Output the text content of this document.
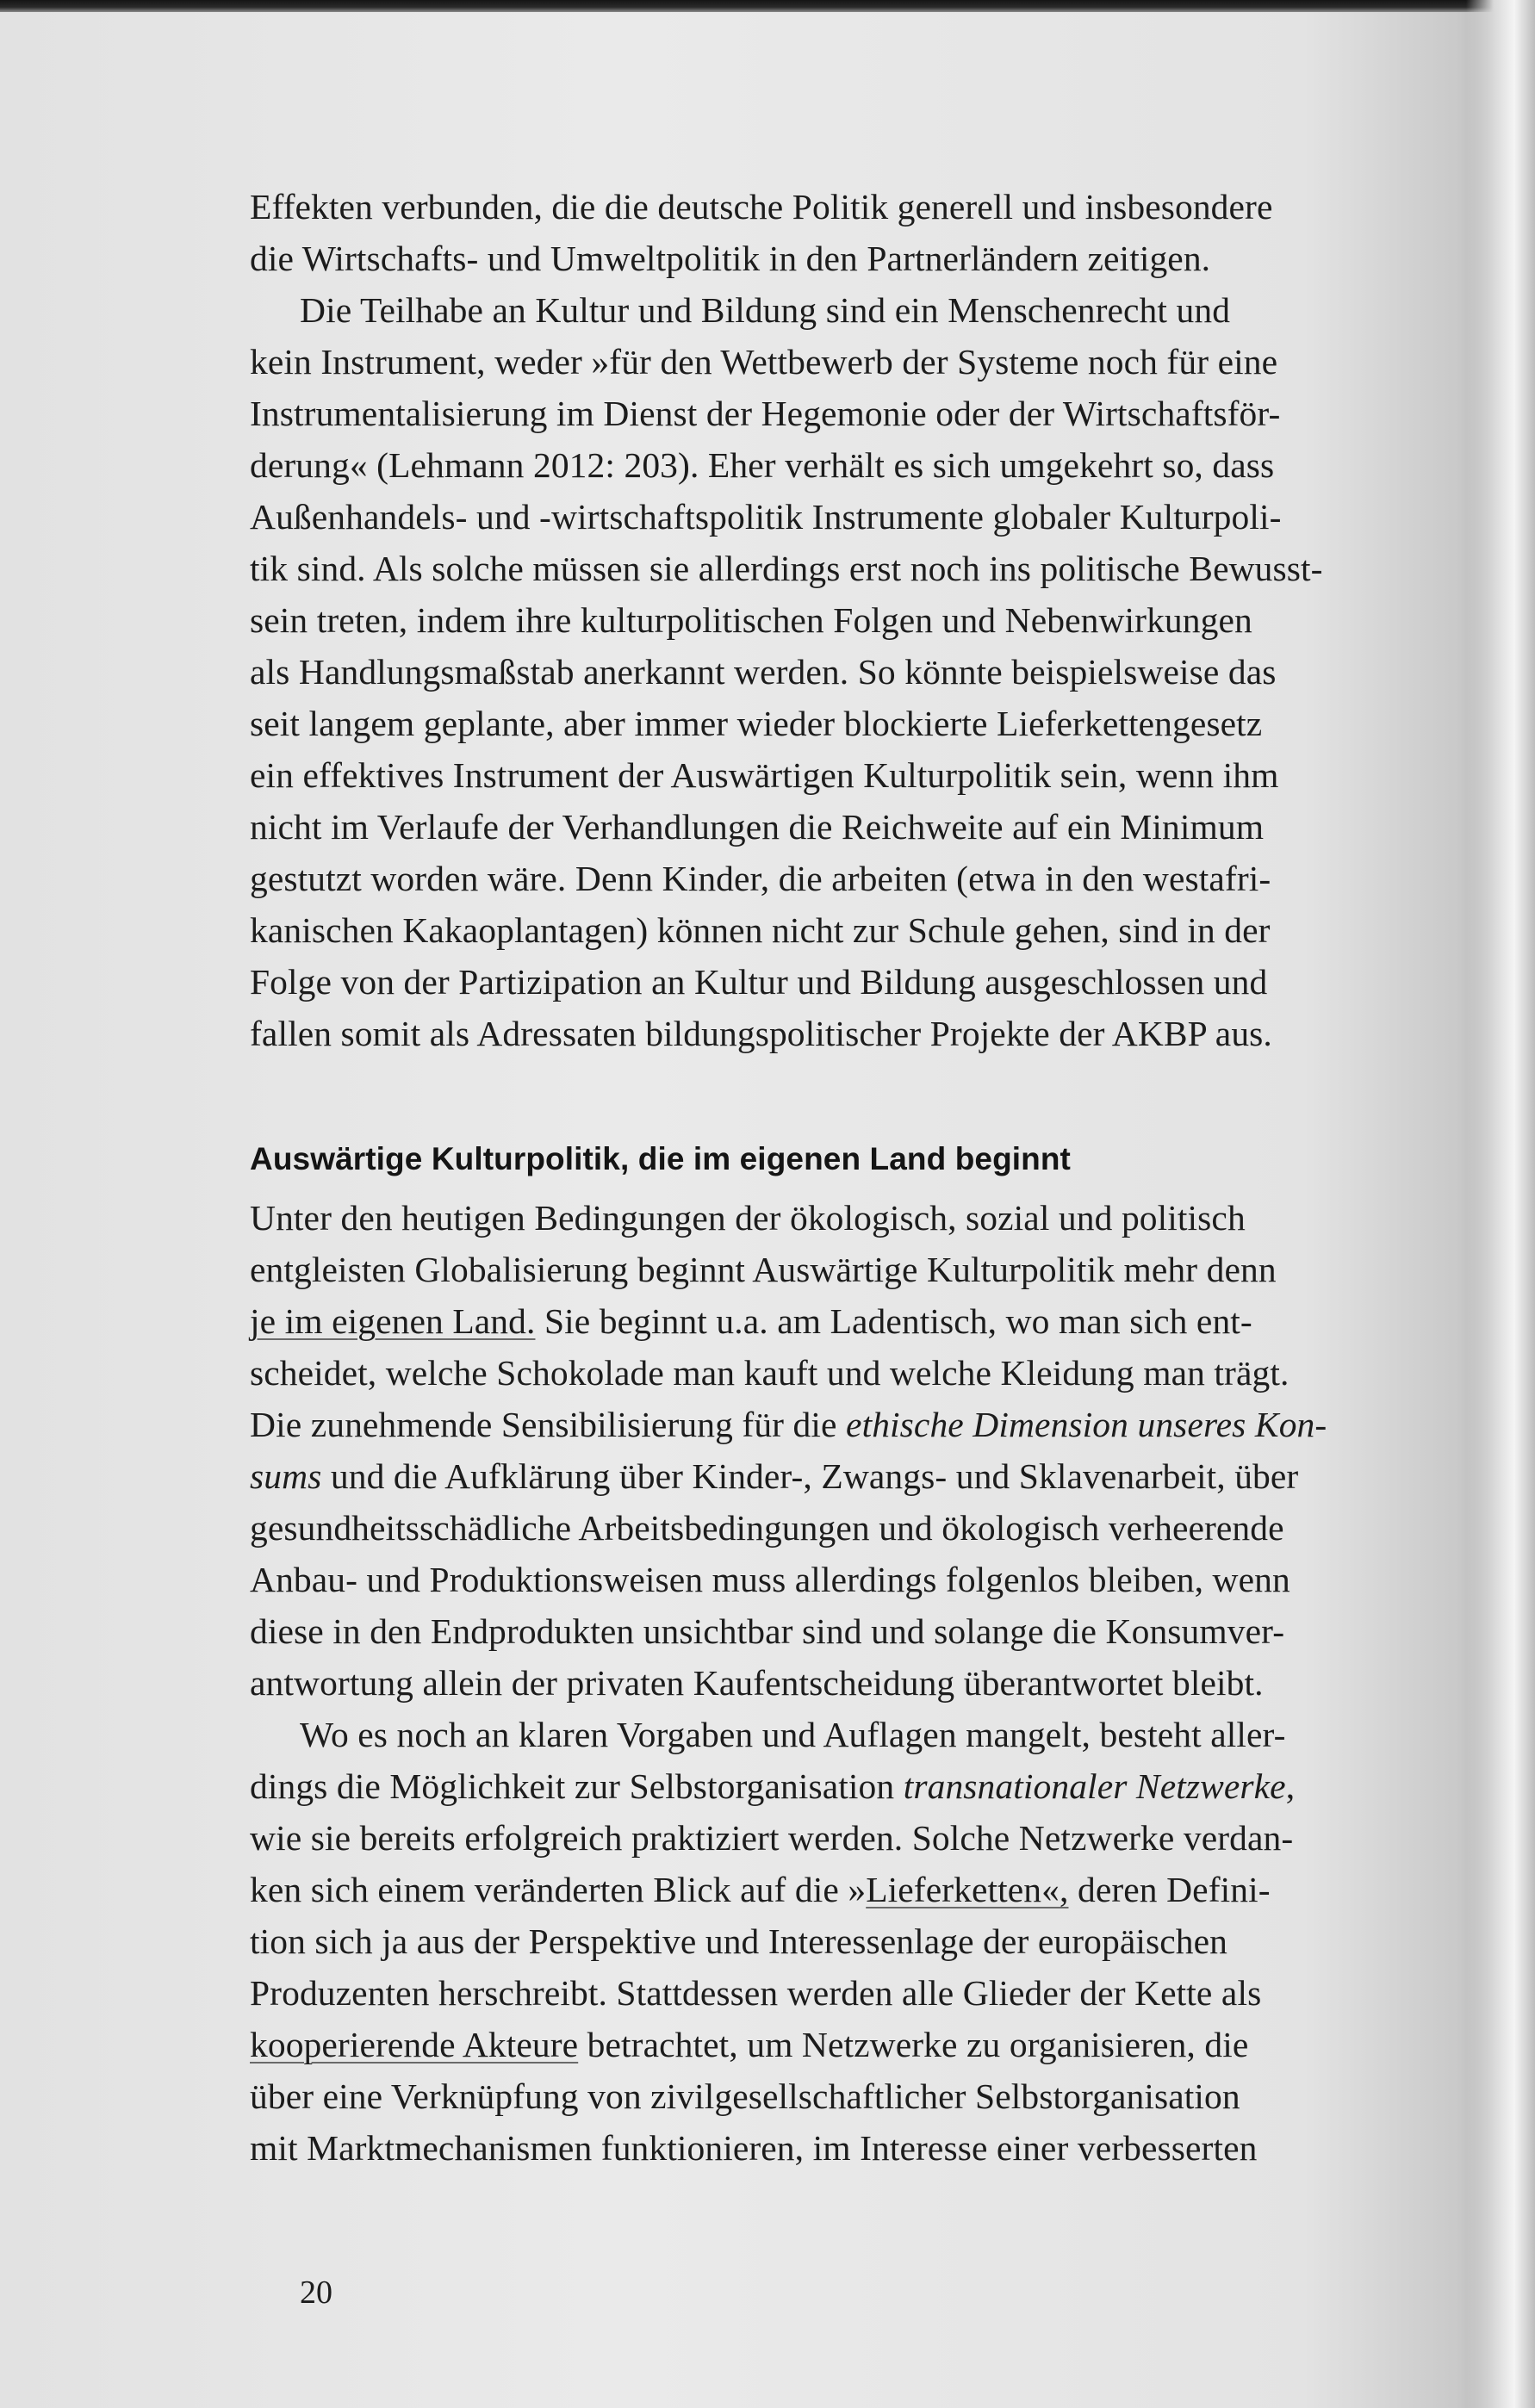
Effekten verbunden, die die deutsche Politik generell und insbesondere
die Wirtschafts- und Umweltpolitik in den Partnerländern zeitigen.
Die Teilhabe an Kultur und Bildung sind ein Menschenrecht und
kein Instrument, weder »für den Wettbewerb der Systeme noch für eine
Instrumentalisierung im Dienst der Hegemonie oder der Wirtschaftsför-
derung« (Lehmann 2012: 203). Eher verhält es sich umgekehrt so, dass
Außenhandels- und -wirtschaftspolitik Instrumente globaler Kulturpoli-
tik sind. Als solche müssen sie allerdings erst noch ins politische Bewusst-
sein treten, indem ihre kulturpolitischen Folgen und Nebenwirkungen
als Handlungsmaßstab anerkannt werden. So könnte beispielsweise das
seit langem geplante, aber immer wieder blockierte Lieferkettengesetz
ein effektives Instrument der Auswärtigen Kulturpolitik sein, wenn ihm
nicht im Verlaufe der Verhandlungen die Reichweite auf ein Minimum
gestutzt worden wäre. Denn Kinder, die arbeiten (etwa in den westafri-
kanischen Kakaoplantagen) können nicht zur Schule gehen, sind in der
Folge von der Partizipation an Kultur und Bildung ausgeschlossen und
fallen somit als Adressaten bildungspolitischer Projekte der AKBP aus.
Auswärtige Kulturpolitik, die im eigenen Land beginnt
Unter den heutigen Bedingungen der ökologisch, sozial und politisch
entgleisten Globalisierung beginnt Auswärtige Kulturpolitik mehr denn
je im eigenen Land. Sie beginnt u.a. am Ladentisch, wo man sich ent-
scheidet, welche Schokolade man kauft und welche Kleidung man trägt.
Die zunehmende Sensibilisierung für die ethische Dimension unseres Kon-
sums und die Aufklärung über Kinder-, Zwangs- und Sklavenarbeit, über
gesundheitsschädliche Arbeitsbedingungen und ökologisch verheerende
Anbau- und Produktionsweisen muss allerdings folgenlos bleiben, wenn
diese in den Endprodukten unsichtbar sind und solange die Konsumver-
antwortung allein der privaten Kaufentscheidung überantwortet bleibt.
Wo es noch an klaren Vorgaben und Auflagen mangelt, besteht aller-
dings die Möglichkeit zur Selbstorganisation transnationaler Netzwerke,
wie sie bereits erfolgreich praktiziert werden. Solche Netzwerke verdan-
ken sich einem veränderten Blick auf die »Lieferketten«, deren Defini-
tion sich ja aus der Perspektive und Interessenlage der europäischen
Produzenten herschreibt. Stattdessen werden alle Glieder der Kette als
kooperierende Akteure betrachtet, um Netzwerke zu organisieren, die
über eine Verknüpfung von zivilgesellschaftlicher Selbstorganisation
mit Marktmechanismen funktionieren, im Interesse einer verbesserten
20
